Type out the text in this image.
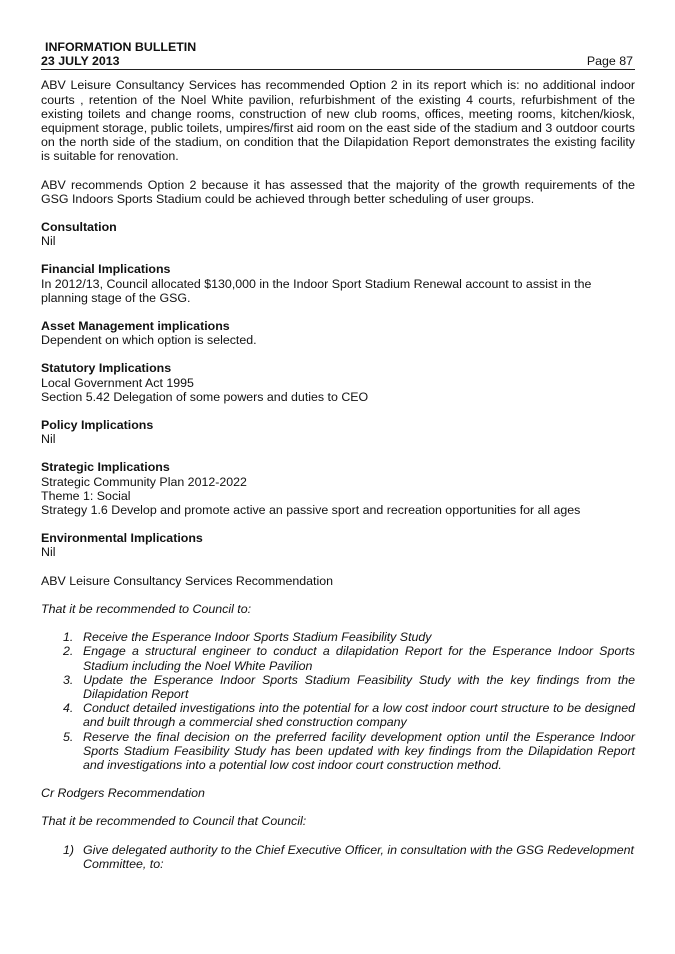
INFORMATION BULLETIN
23 JULY 2013	Page 87

ABV Leisure Consultancy Services has recommended Option 2 in its report which is: no additional indoor courts , retention of the Noel White pavilion, refurbishment of the existing 4 courts, refurbishment of the existing toilets and change rooms, construction of new club rooms, offices, meeting rooms, kitchen/kiosk, equipment storage, public toilets, umpires/first aid room on the east side of the stadium and 3 outdoor courts on the north side of the stadium, on condition that the Dilapidation Report demonstrates the existing facility is suitable for renovation.

ABV recommends Option 2 because it has assessed that the majority of the growth requirements of the GSG Indoors Sports Stadium could be achieved through better scheduling of user groups.

Consultation
Nil
Financial Implications
In 2012/13, Council allocated $130,000 in the Indoor Sport Stadium Renewal account to assist in the planning stage of the GSG.
Asset Management implications
Dependent on which option is selected.
Statutory Implications
Local Government Act 1995
Section 5.42 Delegation of some powers and duties to CEO
Policy Implications
Nil
Strategic Implications
Strategic Community Plan 2012-2022
Theme 1: Social
Strategy 1.6 Develop and promote active an passive sport and recreation opportunities for all ages
Environmental Implications
Nil

ABV Leisure Consultancy Services Recommendation

That it be recommended to Council to:

1. Receive the Esperance Indoor Sports Stadium Feasibility Study
2. Engage a structural engineer to conduct a dilapidation Report for the Esperance Indoor Sports Stadium including the Noel White Pavilion
3. Update the Esperance Indoor Sports Stadium Feasibility Study with the key findings from the Dilapidation Report
4. Conduct detailed investigations into the potential for a low cost indoor court structure to be designed and built through a commercial shed construction company
5. Reserve the final decision on the preferred facility development option until the Esperance Indoor Sports Stadium Feasibility Study has been updated with key findings from the Dilapidation Report and investigations into a potential low cost indoor court construction method.

Cr Rodgers Recommendation

That it be recommended to Council that Council:

1) Give delegated authority to the Chief Executive Officer, in consultation with the GSG Redevelopment Committee, to:
